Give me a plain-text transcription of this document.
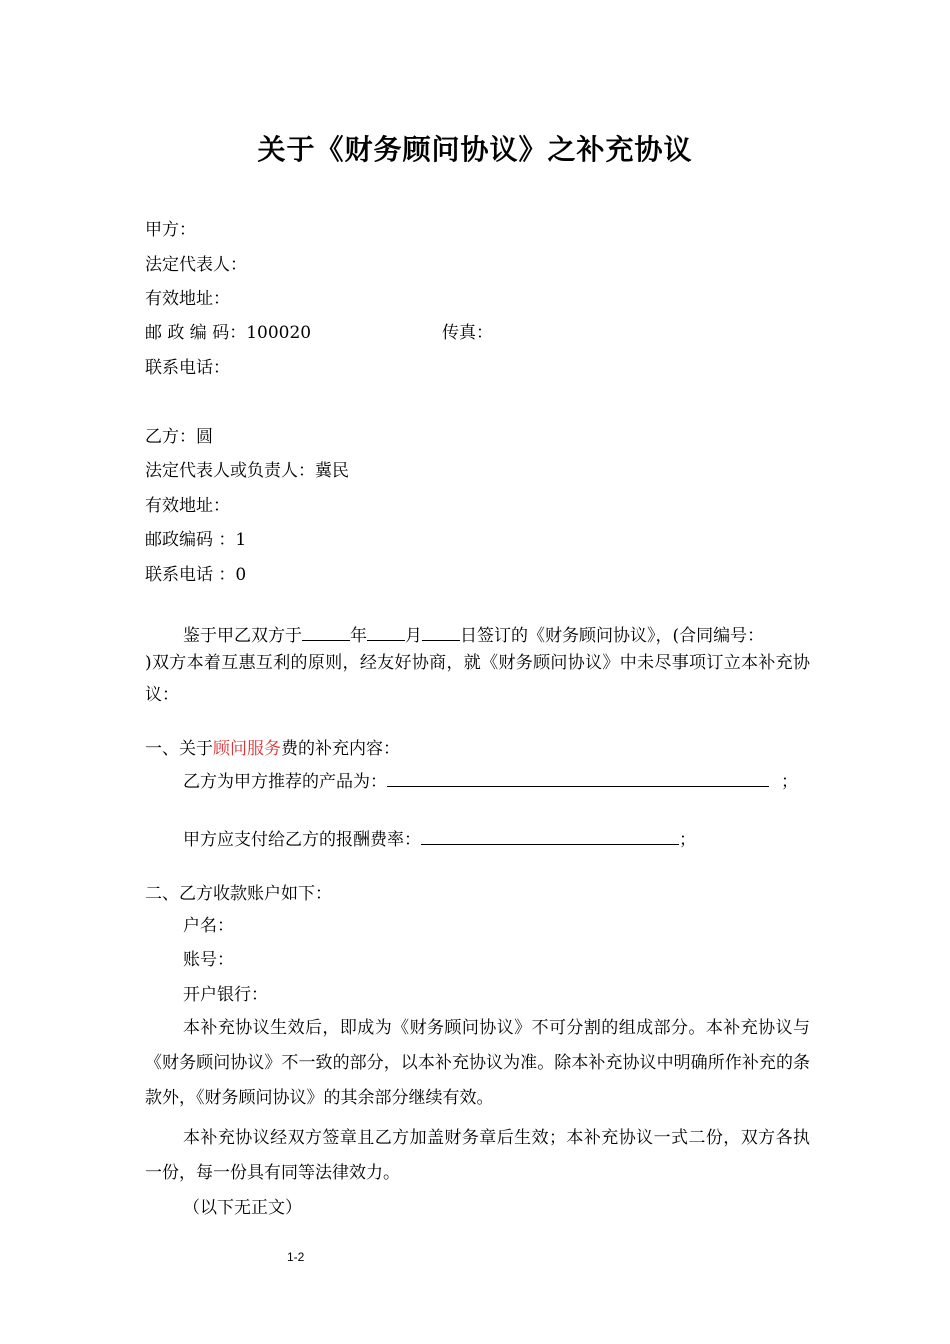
关于《财务顾问协议》之补充协议
甲方：
法定代表人：
有效地址：
邮 政 编 码：100020	传真：
联系电话：
乙方：圆
法定代表人或负责人：冀民
有效地址：
邮政编码 ：1
联系电话 ：0
鉴于甲乙双方于	年 月 日签订的《财务顾问协议》，(合同编号：
)双方本着互惠互利的原则，经友好协商，就《财务顾问协议》中未尽事项订立本补充协议：
一、关于顾问服务费的补充内容：
乙方为甲方推荐的产品为：	；
甲方应支付给乙方的报酬费率：	；
二、乙方收款账户如下：
户名：
账号：
开户银行：
本补充协议生效后，即成为《财务顾问协议》不可分割的组成部分。本补充协议与《财务顾问协议》不一致的部分，以本补充协议为准。除本补充协议中明确所作补充的条款外，《财务顾问协议》的其余部分继续有效。
本补充协议经双方签章且乙方加盖财务章后生效；本补充协议一式二份，双方各执一份，每一份具有同等法律效力。
（以下无正文）
1-2
